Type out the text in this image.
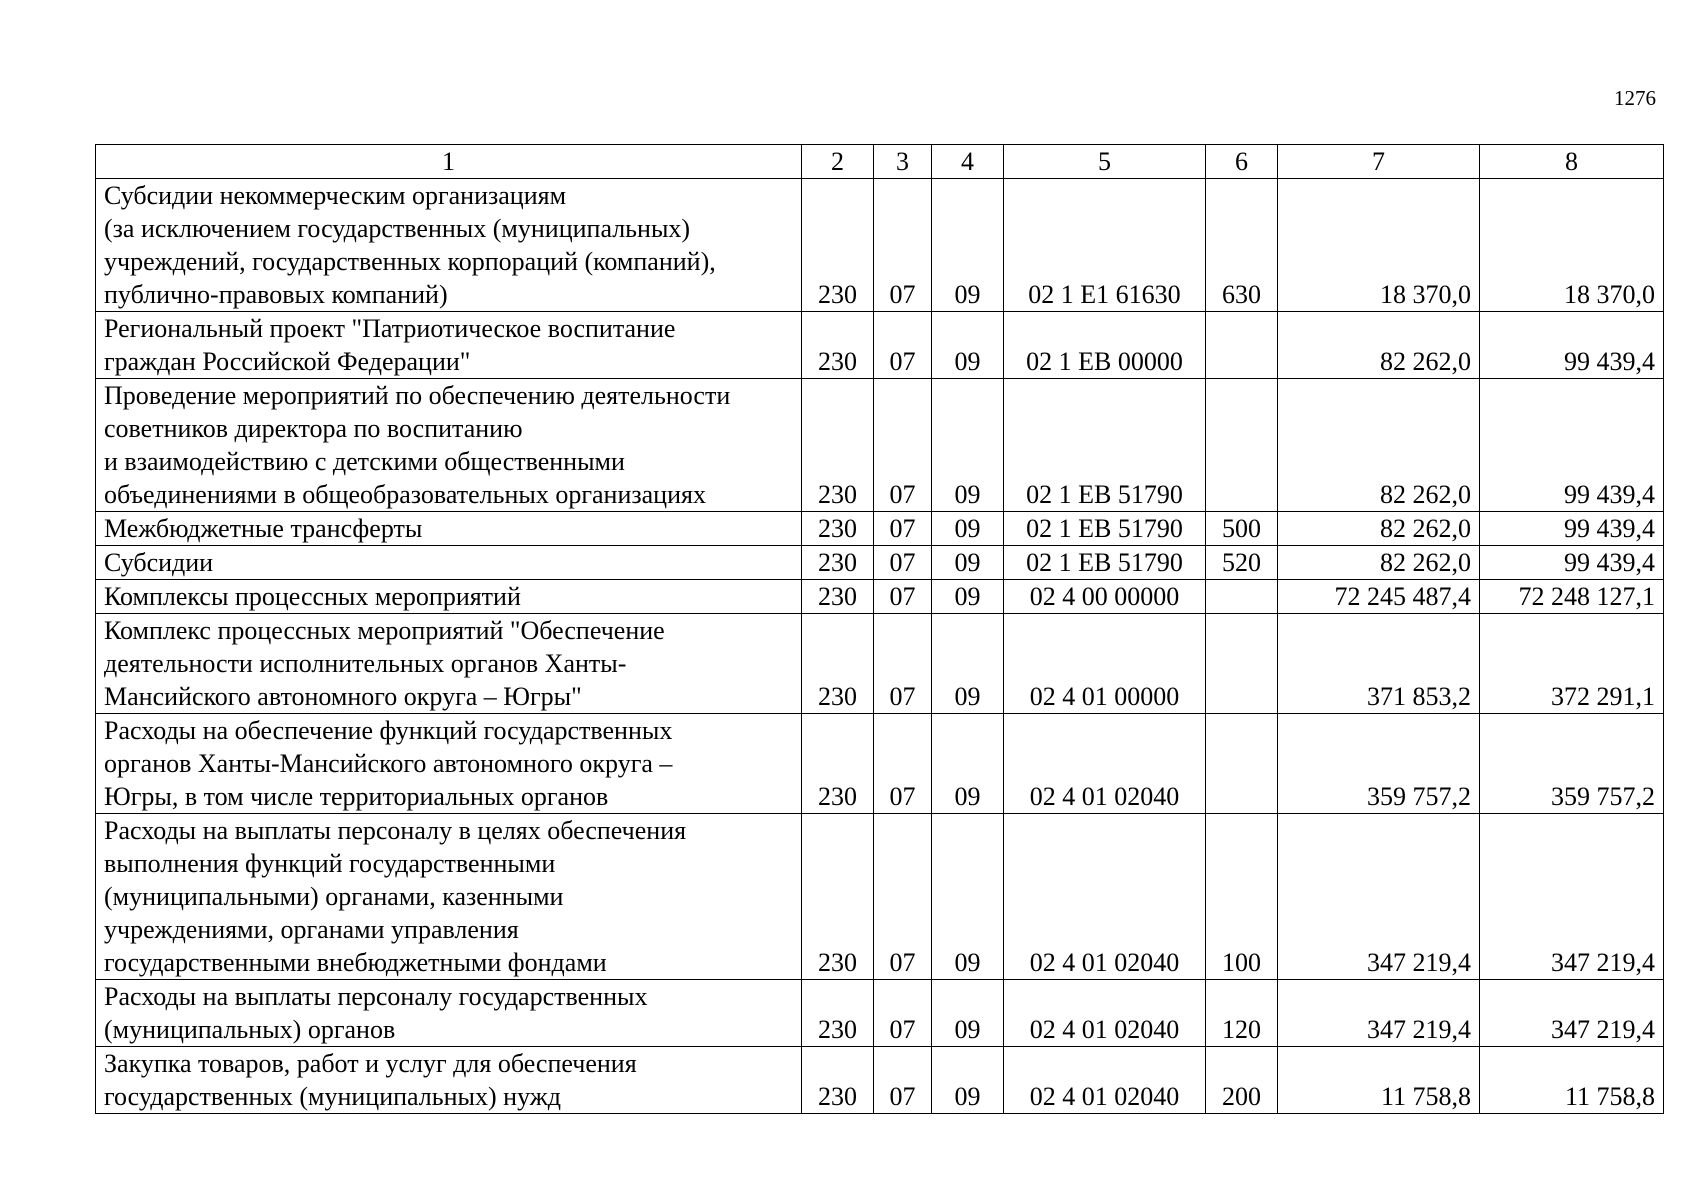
1276
1	2	3	4	5	6	7	8
Субсидии некоммерческим организациям
(за исключением государственных (муниципальных)
учреждений, государственных корпораций (компаний),
публично-правовых компаний)	230	07	09	02 1 E1 61630	630	18 370,0	18 370,0
Региональный проект "Патриотическое воспитание
граждан Российской Федерации"	230	07	09	02 1 EB 00000		82 262,0	99 439,4
Проведение мероприятий по обеспечению деятельности
советников директора по воспитанию
и взаимодействию с детскими общественными
объединениями в общеобразовательных организациях	230	07	09	02 1 EB 51790		82 262,0	99 439,4
Межбюджетные трансферты	230	07	09	02 1 EB 51790	500	82 262,0	99 439,4
Субсидии	230	07	09	02 1 EB 51790	520	82 262,0	99 439,4
Комплексы процессных мероприятий	230	07	09	02 4 00 00000		72 245 487,4	72 248 127,1
Комплекс процессных мероприятий "Обеспечение
деятельности исполнительных органов Ханты-
Мансийского автономного округа – Югры"	230	07	09	02 4 01 00000		371 853,2	372 291,1
Расходы на обеспечение функций государственных
органов Ханты-Мансийского автономного округа –
Югры, в том числе территориальных органов	230	07	09	02 4 01 02040		359 757,2	359 757,2
Расходы на выплаты персоналу в целях обеспечения
выполнения функций государственными
(муниципальными) органами, казенными
учреждениями, органами управления
государственными внебюджетными фондами	230	07	09	02 4 01 02040	100	347 219,4	347 219,4
Расходы на выплаты персоналу государственных
(муниципальных) органов	230	07	09	02 4 01 02040	120	347 219,4	347 219,4
Закупка товаров, работ и услуг для обеспечения
государственных (муниципальных) нужд	230	07	09	02 4 01 02040	200	11 758,8	11 758,8
